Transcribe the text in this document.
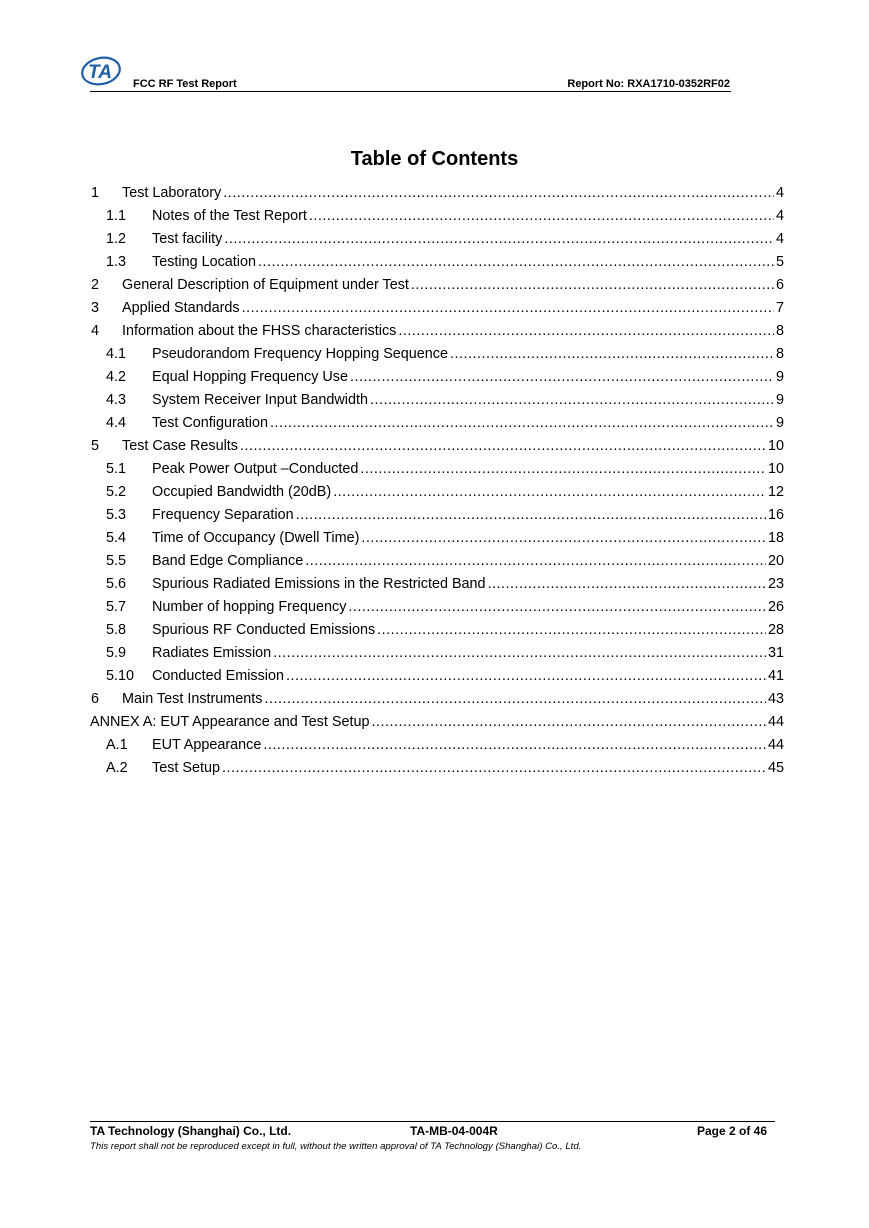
TA
FCC RF Test Report	Report No: RXA1710-0352RF02
Table of Contents
1	Test Laboratory .....	4
1.1	Notes of the Test Report .....	4
1.2	Test facility .....	4
1.3	Testing Location .....	5
2	General Description of Equipment under Test .....	6
3	Applied Standards .....	7
4	Information about the FHSS characteristics .....	8
4.1	Pseudorandom Frequency Hopping Sequence .....	8
4.2	Equal Hopping Frequency Use .....	9
4.3	System Receiver Input Bandwidth .....	9
4.4	Test Configuration .....	9
5	Test Case Results .....	10
5.1	Peak Power Output –Conducted .....	10
5.2	Occupied Bandwidth (20dB) .....	12
5.3	Frequency Separation .....	16
5.4	Time of Occupancy (Dwell Time) .....	18
5.5	Band Edge Compliance .....	20
5.6	Spurious Radiated Emissions in the Restricted Band .....	23
5.7	Number of hopping Frequency .....	26
5.8	Spurious RF Conducted Emissions .....	28
5.9	Radiates Emission .....	31
5.10	Conducted Emission .....	41
6	Main Test Instruments .....	43
ANNEX A: EUT Appearance and Test Setup .....	44
A.1	EUT Appearance .....	44
A.2	Test Setup .....	45
TA Technology (Shanghai) Co., Ltd.	TA-MB-04-004R	Page 2 of 46
This report shall not be reproduced except in full, without the written approval of TA Technology (Shanghai) Co., Ltd.
